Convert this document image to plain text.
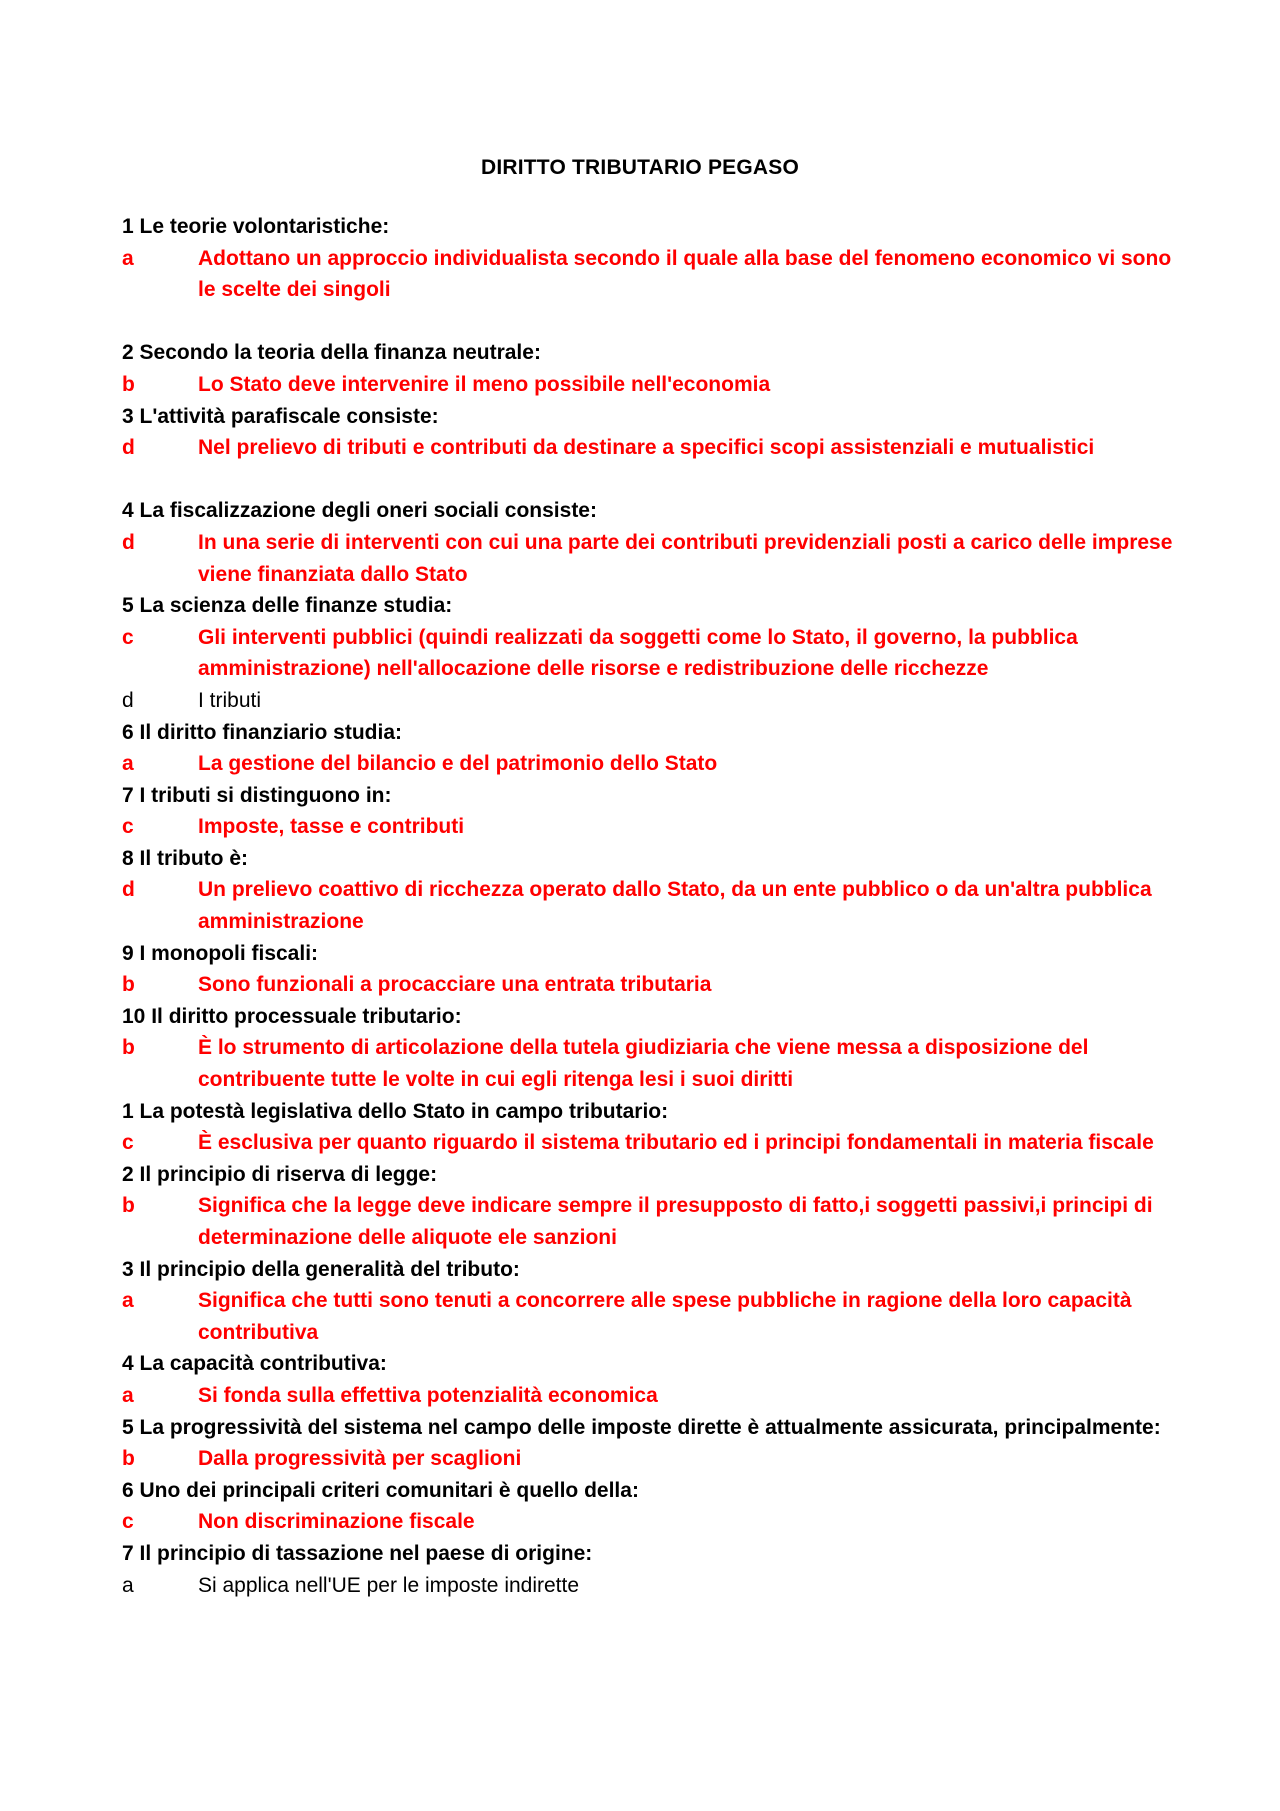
DIRITTO TRIBUTARIO PEGASO
1 Le teorie volontaristiche:
a	Adottano un approccio individualista secondo il quale alla base del fenomeno economico vi sono le scelte dei singoli
2 Secondo la teoria della finanza neutrale:
b	Lo Stato deve intervenire il meno possibile nell'economia
3 L'attività parafiscale consiste:
d	Nel prelievo di tributi e contributi da destinare a specifici scopi assistenziali e mutualistici
4 La fiscalizzazione degli oneri sociali consiste:
d	In una serie di interventi con cui una parte dei contributi previdenziali posti a carico delle imprese viene finanziata dallo Stato
5 La scienza delle finanze studia:
c	Gli interventi pubblici (quindi realizzati da soggetti come lo Stato, il governo, la pubblica amministrazione) nell'allocazione delle risorse e redistribuzione delle ricchezze
d	I tributi
6 Il diritto finanziario studia:
a	La gestione del bilancio e del patrimonio dello Stato
7 I tributi si distinguono in:
c	Imposte, tasse e contributi
8 Il tributo è:
d	Un prelievo coattivo di ricchezza operato dallo Stato, da un ente pubblico o da un'altra pubblica amministrazione
9 I monopoli fiscali:
b	Sono funzionali a procacciare una entrata tributaria
10 Il diritto processuale tributario:
b	È lo strumento di articolazione della tutela giudiziaria che viene messa a disposizione del contribuente tutte le volte in cui egli ritenga lesi i suoi diritti
1 La potestà legislativa dello Stato in campo tributario:
c	È esclusiva per quanto riguardo il sistema tributario ed i principi fondamentali in materia fiscale
2 Il principio di riserva di legge:
b	Significa che la legge deve indicare sempre il presupposto di fatto,i soggetti passivi,i principi di determinazione delle aliquote ele sanzioni
3 Il principio della generalità del tributo:
a	Significa che tutti sono tenuti a concorrere alle spese pubbliche in ragione della loro capacità contributiva
4 La capacità contributiva:
a	Si fonda sulla effettiva potenzialità economica
5 La progressività del sistema nel campo delle imposte dirette è attualmente assicurata, principalmente:
b	Dalla progressività per scaglioni
6 Uno dei principali criteri comunitari è quello della:
c	Non discriminazione fiscale
7 Il principio di tassazione nel paese di origine:
a	Si applica nell'UE per le imposte indirette
